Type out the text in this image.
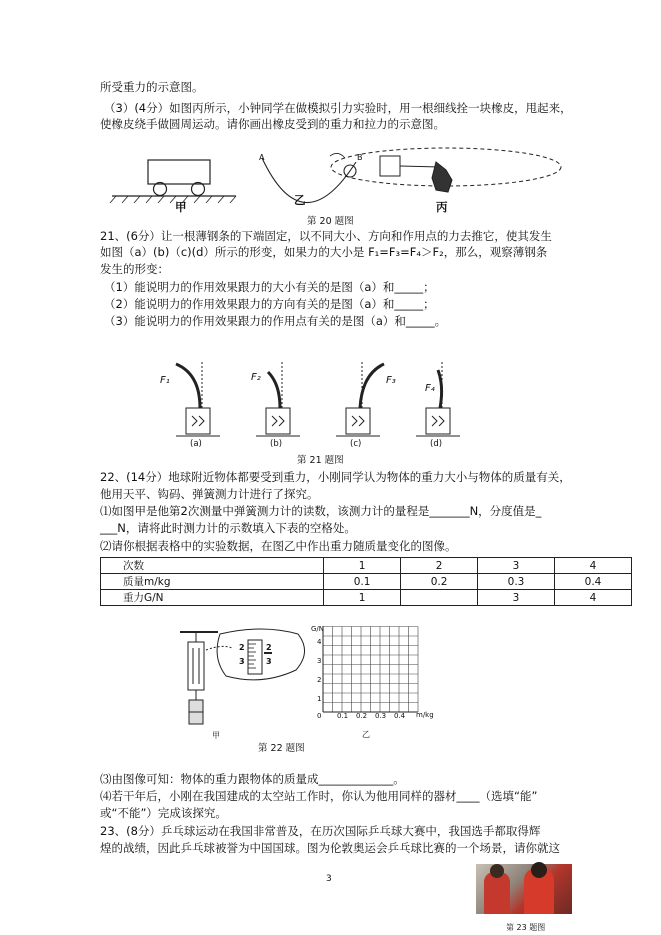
所受重力的示意图。
（3）(4分）如图丙所示，小钟同学在做模拟引力实验时，用一根细线拴一块橡皮，甩起来，
使橡皮绕手做圆周运动。请你画出橡皮受到的重力和拉力的示意图。
A	B
甲	乙	丙
第 20 题图
21、(6分）让一根薄钢条的下端固定，以不同大小、方向和作用点的力去推它，使其发生
如图（a）(b)（c)(d）所示的形变，如果力的大小是 F₁=F₃=F₄＞F₂，那么，观察薄钢条
发生的形变：
（1）能说明力的作用效果跟力的大小有关的是图（a）和_____；
（2）能说明力的作用效果跟力的方向有关的是图（a）和_____；
（3）能说明力的作用效果跟力的作用点有关的是图（a）和_____。
F₁	F₂	F₃
F₄
(a)	(b)	(c)	(d)
第 21 题图
22、(14分）地球附近物体都要受到重力，小刚同学认为物体的重力大小与物体的质量有关，
他用天平、钩码、弹簧测力计进行了探究。
⑴如图甲是他第2次测量中弹簧测力计的读数，该测力计的量程是_______N，分度值是_
___N，请将此时测力计的示数填入下表的空格处。
⑵请你根据表格中的实验数据，在图乙中作出重力随质量变化的图像。
次数	1	2	3	4
质量m/kg	0.1	0.2	0.3	0.4
重力G/N	1		3	4
2
3
2
3
甲
G/N
m/kg
0
4
3
2
1
0.1 0.2 0.3 0.4
乙
第 22 题图
⑶由图像可知：物体的重力跟物体的质量成_____________。
⑷若干年后，小刚在我国建成的太空站工作时，你认为他用同样的器材____（选填“能”
或“不能”）完成该探究。
23、(8分）乒乓球运动在我国非常普及，在历次国际乒乓球大赛中，我国选手都取得辉
煌的战绩，因此乒乓球被誉为中国国球。图为伦敦奥运会乒乓球比赛的一个场景，请你就这
3
第 23 题图
